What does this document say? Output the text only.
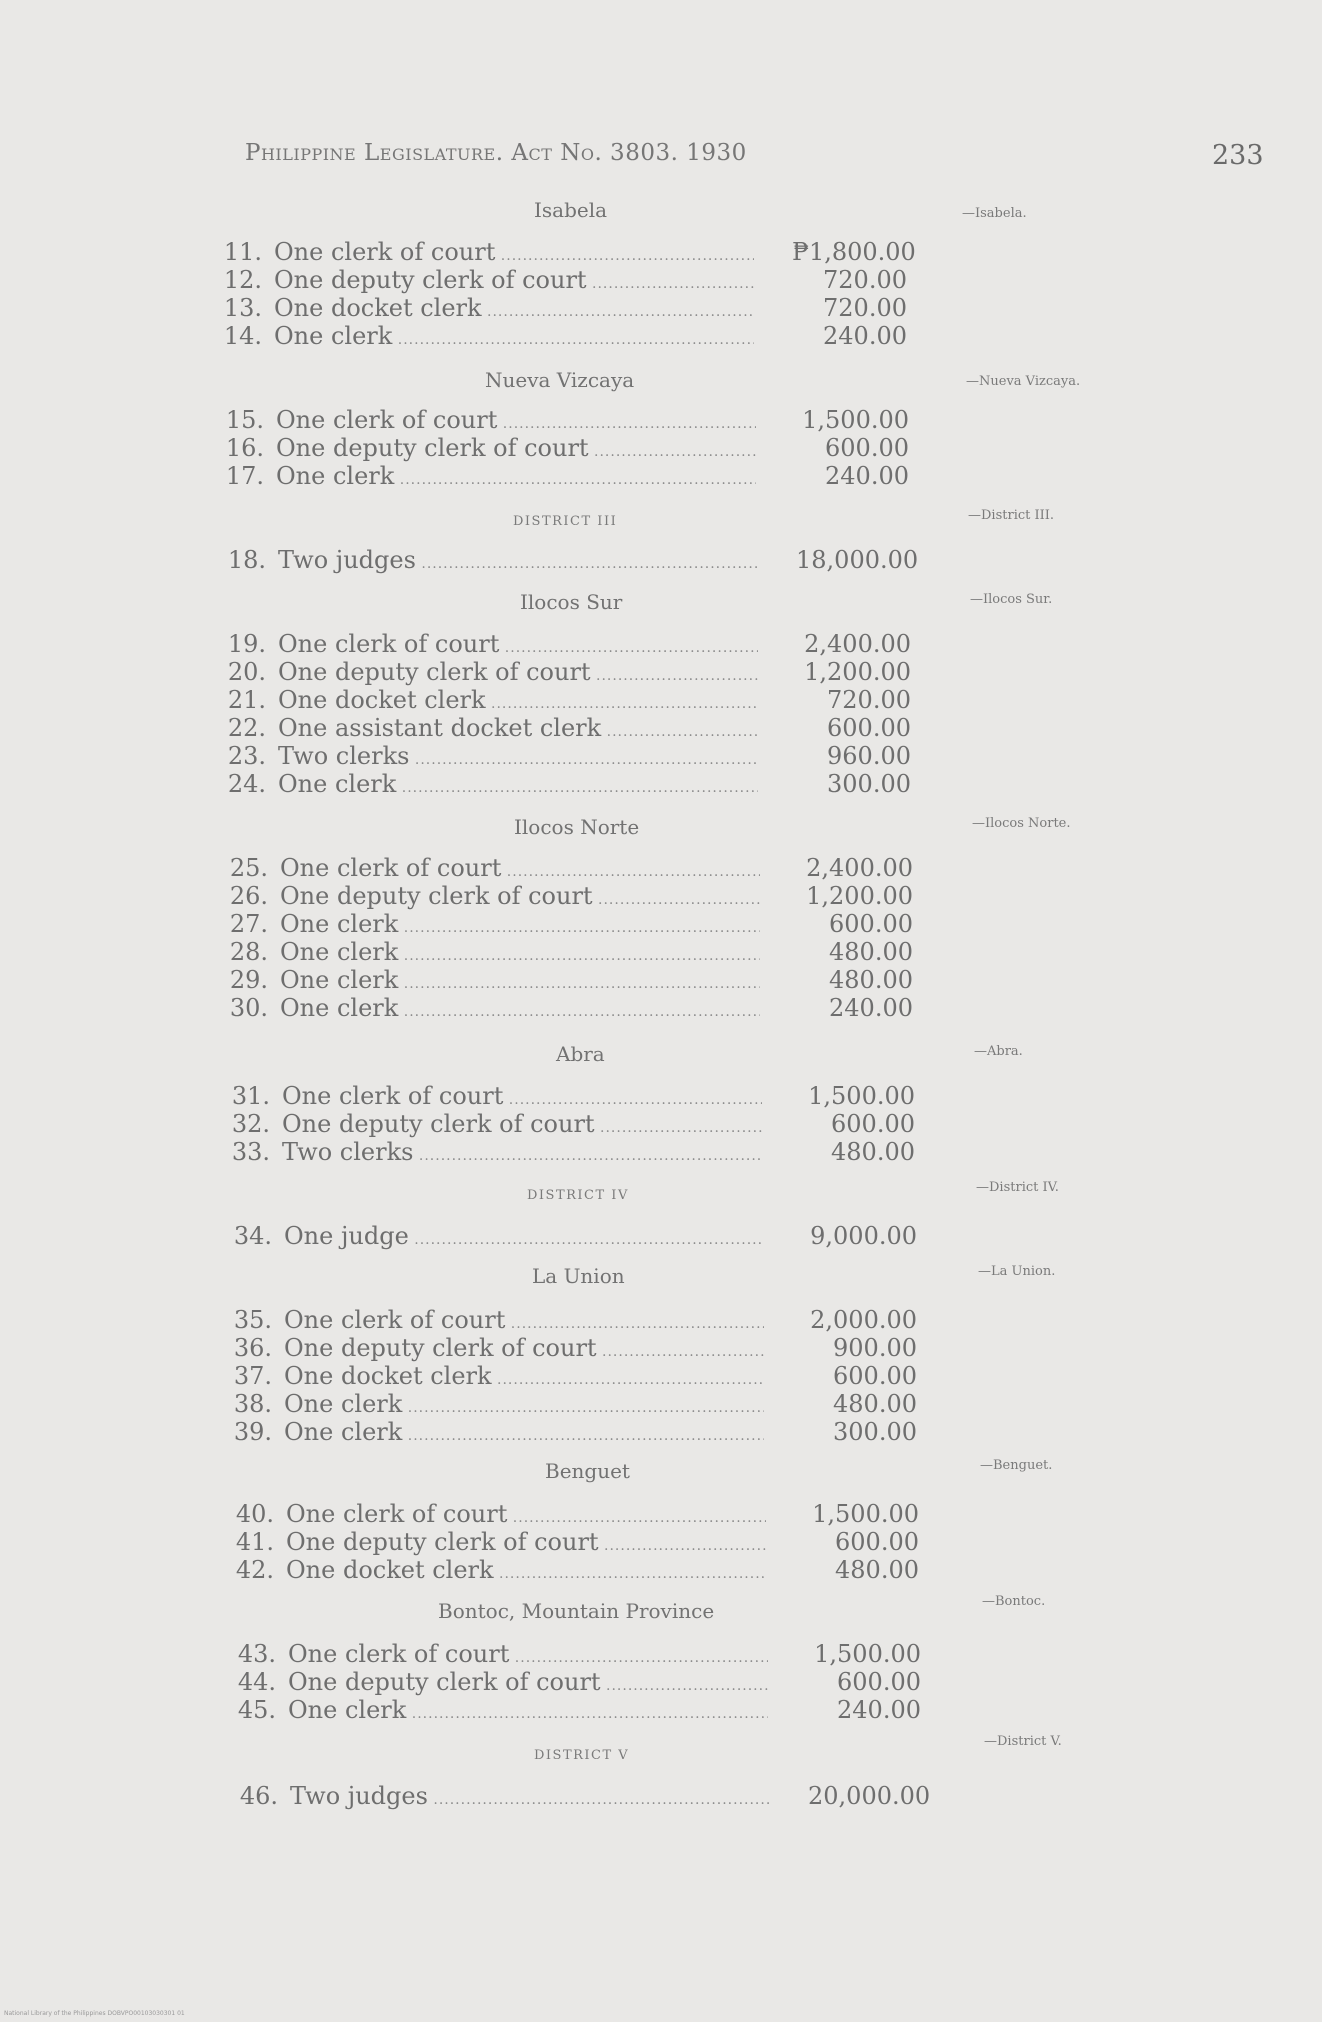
Philippine Legislature. Act No. 3803. 1930	233
Isabela	—Isabela.
Nueva Vizcaya	—Nueva Vizcaya.
DISTRICT III	—District III.
Ilocos Sur	—Ilocos Sur.
Ilocos Norte	—Ilocos Norte.
Abra	—Abra.
DISTRICT IV
—District IV.
La Union	—La Union.
Benguet	—Benguet.
Bontoc, Mountain Province	—Bontoc.
DISTRICT V
—District V.
11. One clerk of court .....	₱1,800.00
12. One deputy clerk of court .....	720.00
13. One docket clerk .....	720.00
14. One clerk .....	240.00
15. One clerk of court .....	1,500.00
16. One deputy clerk of court .....	600.00
17. One clerk .....	240.00
18. Two judges .....	18,000.00
19. One clerk of court .....	2,400.00
20. One deputy clerk of court .....	1,200.00
21. One docket clerk .....	720.00
22. One assistant docket clerk .....	600.00
23. Two clerks .....	960.00
24. One clerk .....	300.00
25. One clerk of court .....	2,400.00
26. One deputy clerk of court .....	1,200.00
27. One clerk .....	600.00
28. One clerk .....	480.00
29. One clerk .....	480.00
30. One clerk .....	240.00
31. One clerk of court .....	1,500.00
32. One deputy clerk of court .....	600.00
33. Two clerks .....	480.00
34. One judge .....	9,000.00
35. One clerk of court .....	2,000.00
36. One deputy clerk of court .....	900.00
37. One docket clerk .....	600.00
38. One clerk .....	480.00
39. One clerk .....	300.00
40. One clerk of court .....	1,500.00
41. One deputy clerk of court .....	600.00
42. One docket clerk .....	480.00
43. One clerk of court .....	1,500.00
44. One deputy clerk of court .....	600.00
45. One clerk .....	240.00
46. Two judges .....	20,000.00
National Library of the Philippines DOBVPO00103030301 01
